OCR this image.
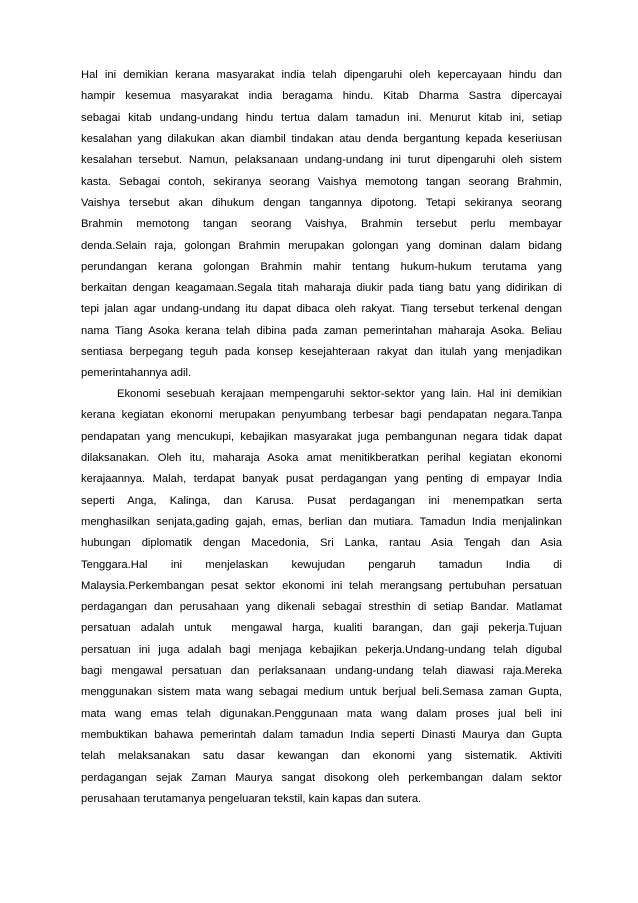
Hal ini demikian kerana masyarakat india telah dipengaruhi oleh kepercayaan hindu dan
hampir kesemua masyarakat india beragama hindu. Kitab Dharma Sastra dipercayai
sebagai kitab undang-undang hindu tertua dalam tamadun ini. Menurut kitab ini, setiap
kesalahan yang dilakukan akan diambil tindakan atau denda bergantung kepada keseriusan
kesalahan tersebut. Namun, pelaksanaan undang-undang ini turut dipengaruhi oleh sistem
kasta. Sebagai contoh, sekiranya seorang Vaishya memotong tangan seorang Brahmin,
Vaishya tersebut akan dihukum dengan tangannya dipotong. Tetapi sekiranya seorang
Brahmin memotong tangan seorang Vaishya, Brahmin tersebut perlu membayar
denda.Selain raja, golongan Brahmin merupakan golongan yang dominan dalam bidang
perundangan kerana golongan Brahmin mahir tentang hukum-hukum terutama yang
berkaitan dengan keagamaan.Segala titah maharaja diukir pada tiang batu yang didirikan di
tepi jalan agar undang-undang itu dapat dibaca oleh rakyat. Tiang tersebut terkenal dengan
nama Tiang Asoka kerana telah dibina pada zaman pemerintahan maharaja Asoka. Beliau
sentiasa berpegang teguh pada konsep kesejahteraan rakyat dan itulah yang menjadikan
pemerintahannya adil.
Ekonomi sesebuah kerajaan mempengaruhi sektor-sektor yang lain. Hal ini demikian
kerana kegiatan ekonomi merupakan penyumbang terbesar bagi pendapatan negara.Tanpa
pendapatan yang mencukupi, kebajikan masyarakat juga pembangunan negara tidak dapat
dilaksanakan. Oleh itu, maharaja Asoka amat menitikberatkan perihal kegiatan ekonomi
kerajaannya. Malah, terdapat banyak pusat perdagangan yang penting di empayar India
seperti Anga, Kalinga, dan Karusa. Pusat perdagangan ini menempatkan serta
menghasilkan senjata,gading gajah, emas, berlian dan mutiara. Tamadun India menjalinkan
hubungan diplomatik dengan Macedonia, Sri Lanka, rantau Asia Tengah dan Asia
Tenggara.Hal ini menjelaskan kewujudan pengaruh tamadun India di
Malaysia.Perkembangan pesat sektor ekonomi ini telah merangsang pertubuhan persatuan
perdagangan dan perusahaan yang dikenali sebagai stresthin di setiap Bandar. Matlamat
persatuan adalah untuk  mengawal harga, kualiti barangan, dan gaji pekerja.Tujuan
persatuan ini juga adalah bagi menjaga kebajikan pekerja.Undang-undang telah digubal
bagi mengawal persatuan dan perlaksanaan undang-undang telah diawasi raja.Mereka
menggunakan sistem mata wang sebagai medium untuk berjual beli.Semasa zaman Gupta,
mata wang emas telah digunakan.Penggunaan mata wang dalam proses jual beli ini
membuktikan bahawa pemerintah dalam tamadun India seperti Dinasti Maurya dan Gupta
telah melaksanakan satu dasar kewangan dan ekonomi yang sistematik. Aktiviti
perdagangan sejak Zaman Maurya sangat disokong oleh perkembangan dalam sektor
perusahaan terutamanya pengeluaran tekstil, kain kapas dan sutera.
